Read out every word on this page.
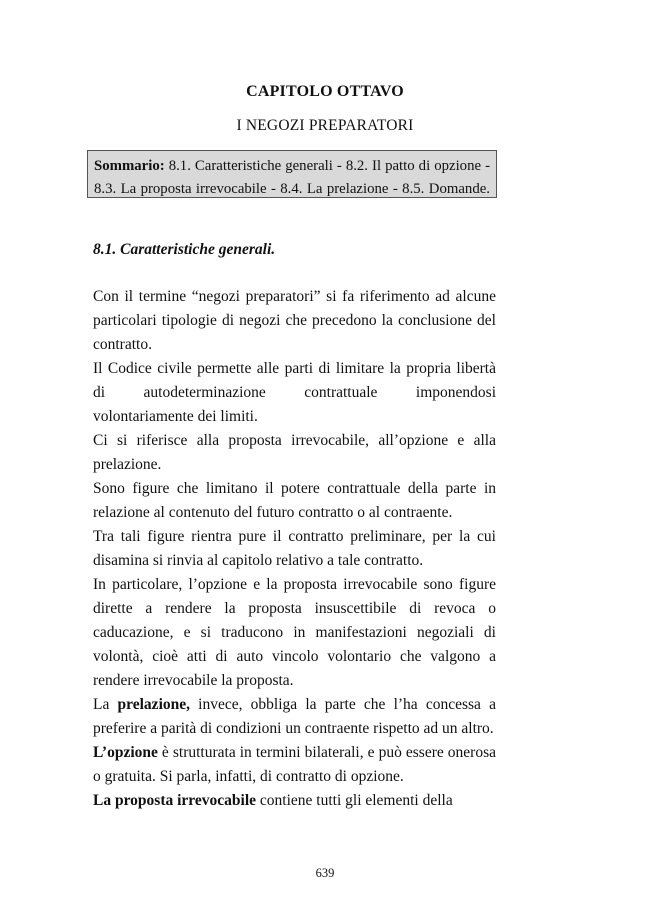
CAPITOLO OTTAVO
I NEGOZI PREPARATORI
Sommario: 8.1. Caratteristiche generali - 8.2. Il patto di opzione - 8.3. La proposta irrevocabile - 8.4. La prelazione - 8.5. Domande.
8.1. Caratteristiche generali.

Con il termine “negozi preparatori” si fa riferimento ad alcune particolari tipologie di negozi che precedono la conclusione del contratto.

Il Codice civile permette alle parti di limitare la propria libertà di autodeterminazione contrattuale imponendosi volontariamente dei limiti.

Ci si riferisce alla proposta irrevocabile, all’opzione e alla prelazione.

Sono figure che limitano il potere contrattuale della parte in relazione al contenuto del futuro contratto o al contraente.

Tra tali figure rientra pure il contratto preliminare, per la cui disamina si rinvia al capitolo relativo a tale contratto.

In particolare, l’opzione e la proposta irrevocabile sono figure dirette a rendere la proposta insuscettibile di revoca o caducazione, e si traducono in manifestazioni negoziali di volontà, cioè atti di auto vincolo volontario che valgono a rendere irrevocabile la proposta.

La prelazione, invece, obbliga la parte che l’ha concessa a preferire a parità di condizioni un contraente rispetto ad un altro.

L’opzione è strutturata in termini bilaterali, e può essere onerosa o gratuita. Si parla, infatti, di contratto di opzione.

La proposta irrevocabile contiene tutti gli elementi della

639
